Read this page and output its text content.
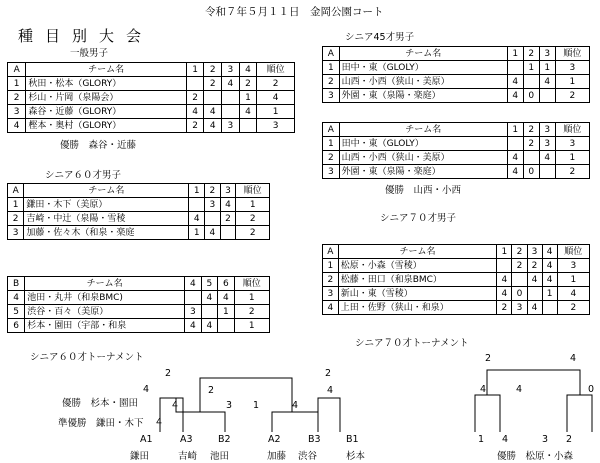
令和７年５月１１日　金岡公園コート
種目別大会
一般男子
A	チーム名	1	2	3	4	順位
1	秋田・松本（GLORY）		2	4	2	2
2	杉山・片岡（泉陽会）	2			1	4
3	森谷・近藤（GLORY）	4	4		4	1
4	樫本・奥村（GLORY）	2	4	3		3
優勝　森谷・近藤
シニア６０才男子
A	チーム名	1	2	3	順位
1	鎌田・木下（美原）		3	4	1
2	吉崎・中辻（泉陽・雪稜	4		2	2
3	加藤・佐々木（和泉・楽庭	1	4		2
B	チーム名	4	5	6	順位
4	池田・丸井（和泉BMC)		4	4	1
5	渋谷・百々（美原）	3		1	2
6	杉本・園田（宇部・和泉	4	4		1
シニア45才男子
A	チーム名	1	2	3	順位
1	田中・東（GLOLY）		1	1	3
2	山西・小西（狭山・美原）	4		4	1
3	外園・東（泉陽・楽庭）	4	0		2
A	チーム名	1	2	3	順位
1	田中・東（GLOLY）		2	3	3
2	山西・小西（狭山・美原）	4		4	1
3	外園・東（泉陽・楽庭）	4	0		2
優勝　山西・小西
シニア７０才男子
A	チーム名	1	2	3	4	順位
1	松原・小森（雪稜）		2	2	4	3
2	松藤・田口（和泉BMC）	4		4	4	1
3	新山・東（雪稜）	4	0		1	4
4	上田・佐野（狭山・和泉）	2	3	4		2
シニア６０才トーナメント
シニア７０才トーナメント
優勝　杉本・園田
準優勝　鎌田・木下
A1	A3	B2	A2	B3	B1
鎌田	吉崎 池田	加藤 渋谷	杉本
2
2
4
4
4
3 1	4
2
4
1 4	3 2
優勝　松原・小森
2	4
4	4	0
